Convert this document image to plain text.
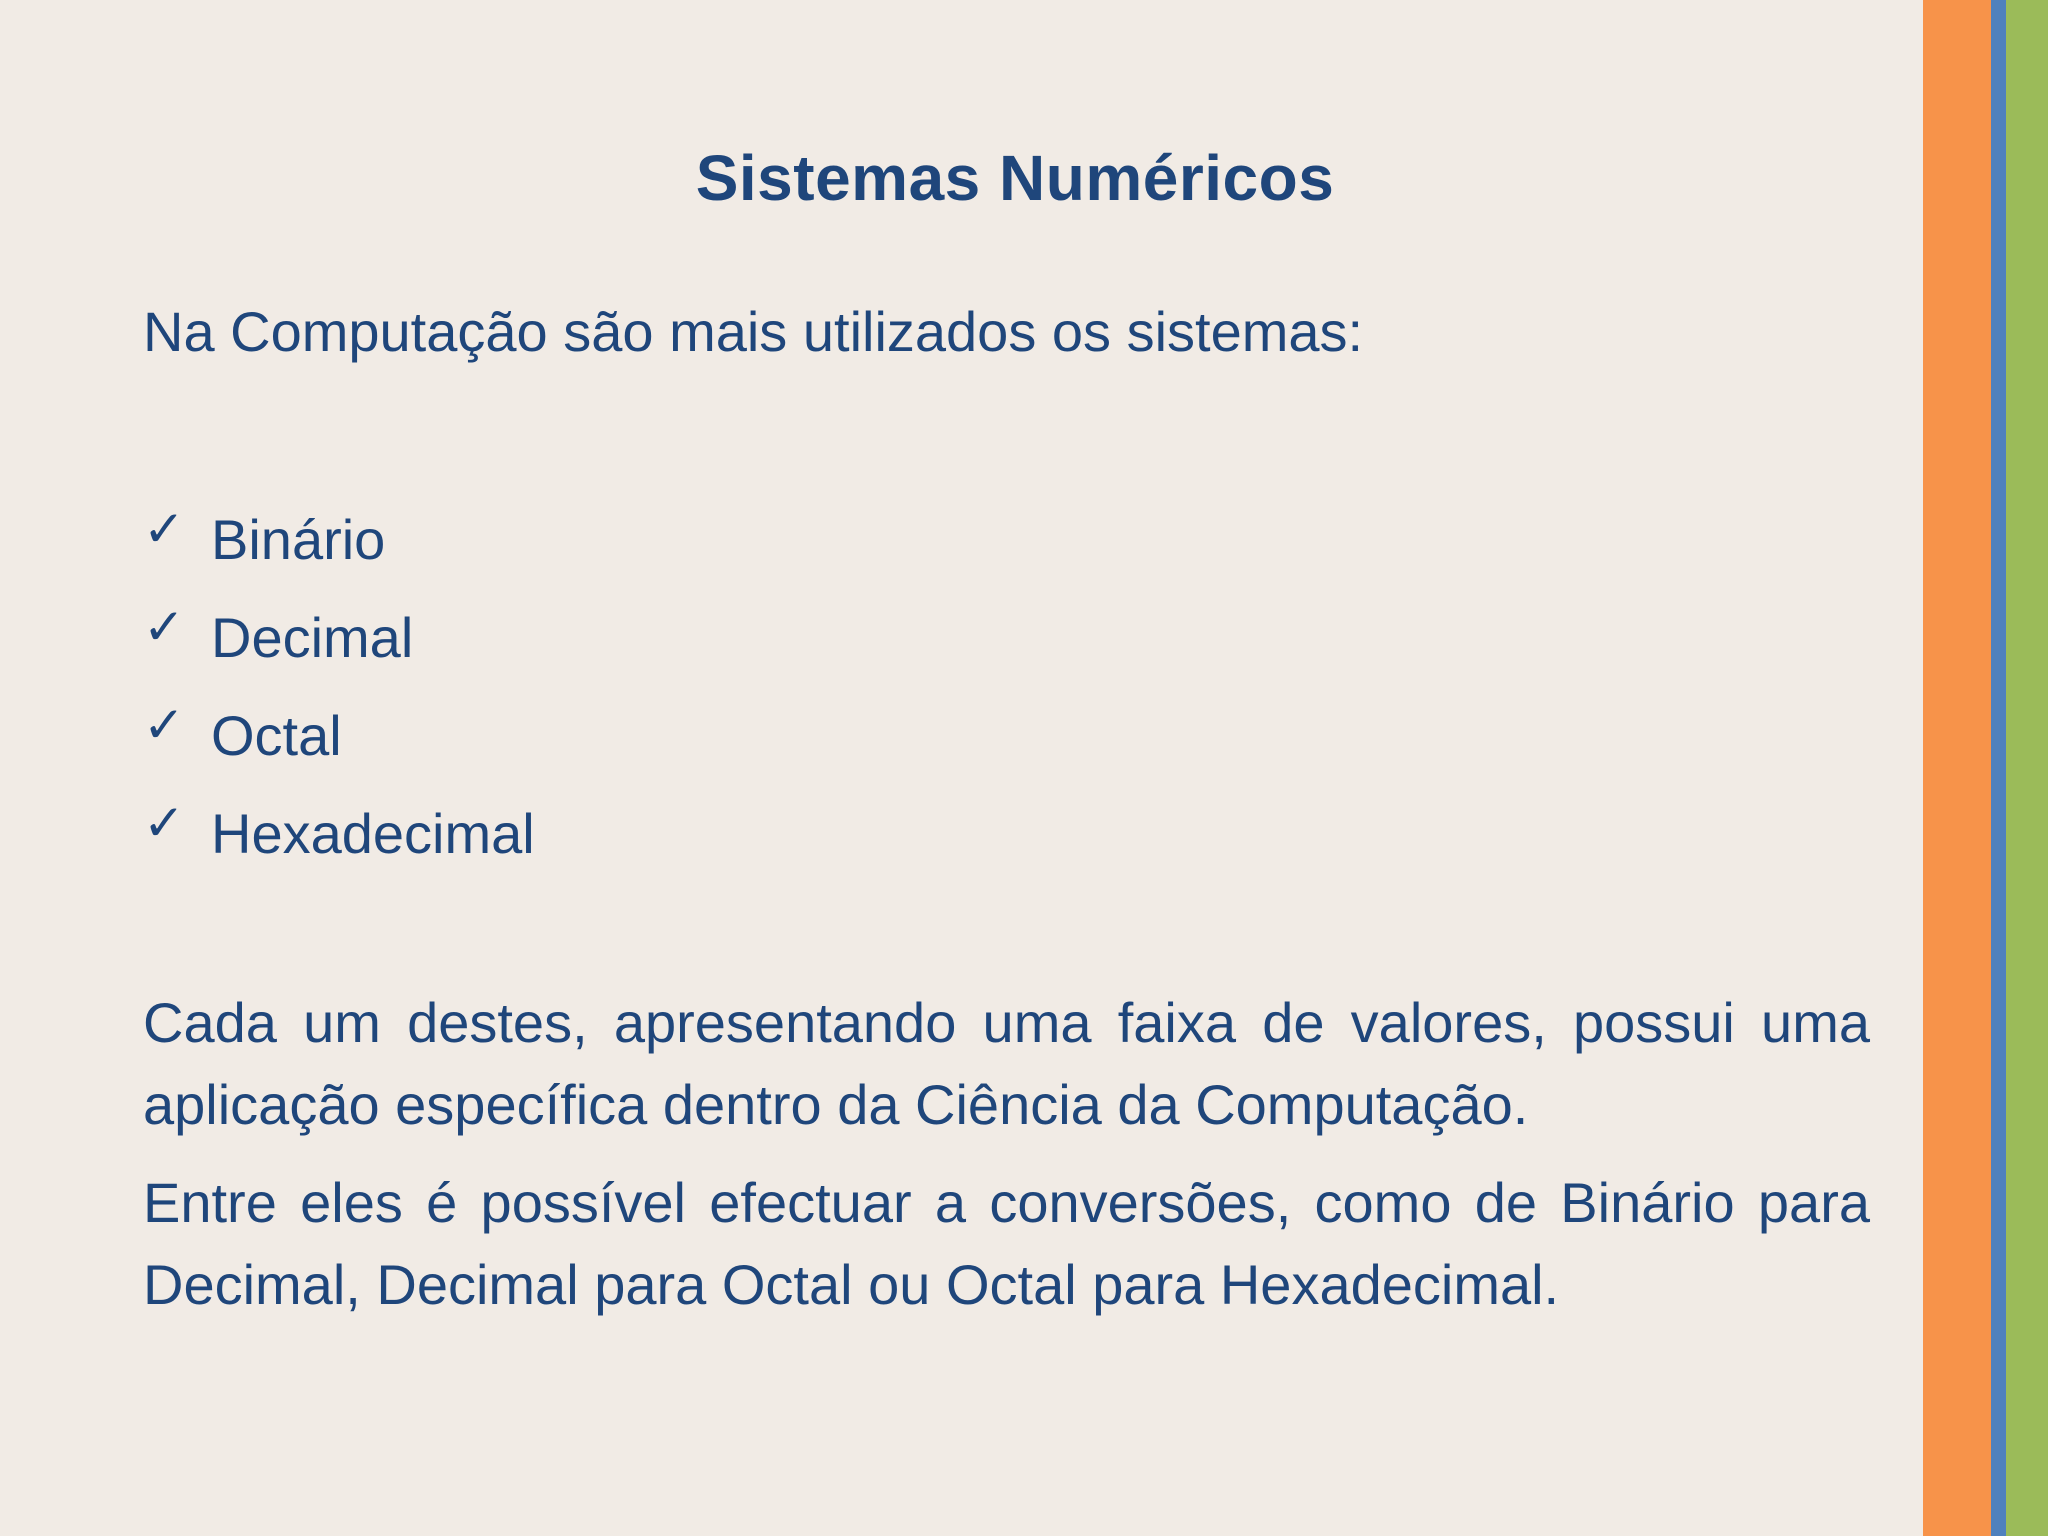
Sistemas Numéricos
Na Computação são mais utilizados os sistemas:
✓ Binário
✓ Decimal
✓ Octal
✓ Hexadecimal

Cada um destes, apresentando uma faixa de valores, possui uma aplicação específica dentro da Ciência da Computação.

Entre eles é possível efectuar a conversões, como de Binário para Decimal, Decimal para Octal ou Octal para Hexadecimal.
